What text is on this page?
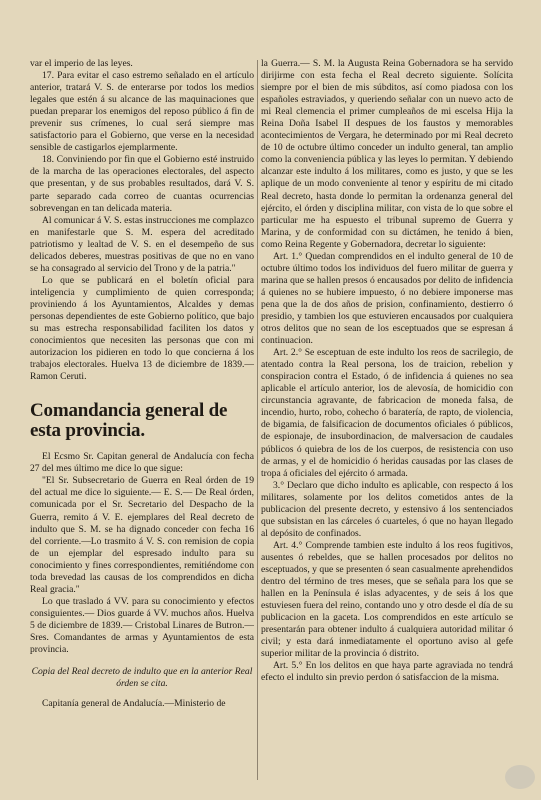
var el imperio de las leyes.

17. Para evitar el caso estremo señalado en el artículo anterior, tratará V. S. de enterarse por todos los medios legales que estén á su alcance de las maquinaciones que puedan preparar los enemigos del reposo público á fin de prevenir sus crímenes, lo cual será siempre mas satisfactorio para el Gobierno, que verse en la necesidad sensible de castigarlos ejemplarmente.

18. Conviniendo por fin que el Gobierno esté instruido de la marcha de las operaciones electorales, del aspecto que presentan, y de sus probables resultados, dará V. S. parte separado cada correo de cuantas ocurrencias sobrevengan en tan delicada materia.

Al comunicar á V. S. estas instrucciones me complazco en manifestarle que S. M. espera del acreditado patriotismo y lealtad de V. S. en el desempeño de sus delicados deberes, muestras positivas de que no en vano se ha consagrado al servicio del Trono y de la patria."

Lo que se publicará en el boletín oficial para inteligencia y cumplimiento de quien corresponda; proviniendo á los Ayuntamientos, Alcaldes y demas personas dependientes de este Gobierno político, que bajo su mas estrecha responsabilidad faciliten los datos y conocimientos que necesiten las personas que con mi autorizacion los pidieren en todo lo que concierna á los trabajos electorales. Huelva 13 de diciembre de 1839.—Ramon Ceruti.

Comandancia general de esta provincia.

El Ecsmo Sr. Capitan general de Andalucía con fecha 27 del mes último me dice lo que sigue:

"El Sr. Subsecretario de Guerra en Real órden de 19 del actual me dice lo siguiente.— E. S.— De Real órden, comunicada por el Sr. Secretario del Despacho de la Guerra, remito á V. E. ejemplares del Real decreto de indulto que S. M. se ha dignado conceder con fecha 16 del corriente.—Lo trasmito á V. S. con remision de copia de un ejemplar del espresado indulto para su conocimiento y fines correspondientes, remitiéndome con toda brevedad las causas de los comprendidos en dicha Real gracia."

Lo que traslado á VV. para su conocimiento y efectos consiguientes.— Dios guarde á VV. muchos años. Huelva 5 de diciembre de 1839.— Cristobal Linares de Butron.— Sres. Comandantes de armas y Ayuntamientos de esta provincia.

Copia del Real decreto de indulto que en la anterior Real órden se cita.

Capitanía general de Andalucía.—Ministerio de

la Guerra.— S. M. la Augusta Reina Gobernadora se ha servido dirijirme con esta fecha el Real decreto siguiente. Solícita siempre por el bien de mis súbditos, así como piadosa con los españoles estraviados, y queriendo señalar con un nuevo acto de mi Real clemencia el primer cumpleaños de mi escelsa Hija la Reina Doña Isabel II despues de los faustos y memorables acontecimientos de Vergara, he determinado por mi Real decreto de 10 de octubre último conceder un indulto general, tan amplio como la conveniencia pública y las leyes lo permitan. Y debiendo alcanzar este indulto á los militares, como es justo, y que se les aplique de un modo conveniente al tenor y espíritu de mi citado Real decreto, hasta donde lo permitan la ordenanza general del ejército, el órden y disciplina militar, con vista de lo que sobre el particular me ha espuesto el tribunal supremo de Guerra y Marina, y de conformidad con su dictámen, he tenido á bien, como Reina Regente y Gobernadora, decretar lo siguiente:

Art. 1.° Quedan comprendidos en el indulto general de 10 de octubre último todos los individuos del fuero militar de guerra y marina que se hallen presos ó encausados por delito de infidencia á quienes no se hubiere impuesto, ó no debiere imponerse mas pena que la de dos años de prision, confinamiento, destierro ó presidio, y tambien los que estuvieren encausados por cualquiera otros delitos que no sean de los esceptuados que se espresan á continuacion.

Art. 2.° Se esceptuan de este indulto los reos de sacrilegio, de atentado contra la Real persona, los de traicion, rebelion y conspiracion contra el Estado, ó de infidencia á quienes no sea aplicable el artículo anterior, los de alevosía, de homicidio con circunstancia agravante, de fabricacion de moneda falsa, de incendio, hurto, robo, cohecho ó baratería, de rapto, de violencia, de bigamia, de falsificacion de documentos oficiales ó públicos, de espionaje, de insubordinacion, de malversacion de caudales públicos ó quiebra de los de los cuerpos, de resistencia con uso de armas, y el de homicidio ó heridas causadas por las clases de tropa á oficiales del ejército ó armada.

3.° Declaro que dicho indulto es aplicable, con respecto á los militares, solamente por los delitos cometidos antes de la publicacion del presente decreto, y estensivo á los sentenciados que subsistan en las cárceles ó cuarteles, ó que no hayan llegado al depósito de confinados.

Art. 4.° Comprende tambien este indulto á los reos fugitivos, ausentes ó rebeldes, que se hallen procesados por delitos no esceptuados, y que se presenten ó sean casualmente aprehendidos dentro del término de tres meses, que se señala para los que se hallen en la Península é islas adyacentes, y de seis á los que estuviesen fuera del reino, contando uno y otro desde el día de su publicacion en la gaceta. Los comprendidos en este artículo se presentarán para obtener indulto á cualquiera autoridad militar ó civil; y esta dará inmediatamente el oportuno aviso al gefe superior militar de la provincia ó distrito.

Art. 5.° En los delitos en que haya parte agraviada no tendrá efecto el indulto sin previo perdon ó satisfaccion de la misma.
